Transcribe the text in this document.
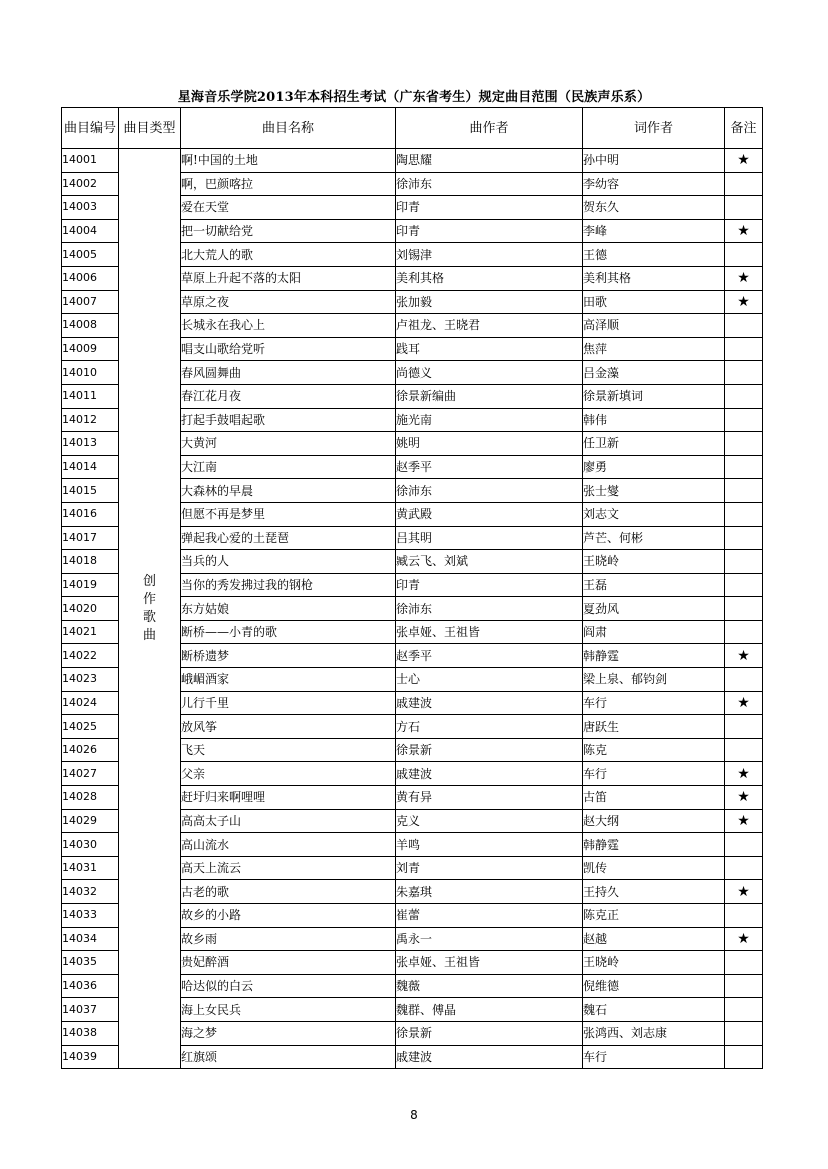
星海音乐学院2013年本科招生考试（广东省考生）规定曲目范围（民族声乐系）
曲目编号	曲目类型	曲目名称	曲作者	词作者	备注
14001	创作歌曲	啊!中国的土地	陶思耀	孙中明	★
14002		啊，巴颜喀拉	徐沛东	李幼容	
14003		爱在天堂	印青	贺东久	
14004		把一切献给党	印青	李峰	★
14005		北大荒人的歌	刘锡津	王德	
14006		草原上升起不落的太阳	美利其格	美利其格	★
14007		草原之夜	张加毅	田歌	★
14008		长城永在我心上	卢祖龙、王晓君	高泽顺	
14009		唱支山歌给党听	践耳	焦萍	
14010		春风圆舞曲	尚德义	吕金藻	
14011		春江花月夜	徐景新编曲	徐景新填词	
14012		打起手鼓唱起歌	施光南	韩伟	
14013		大黄河	姚明	任卫新	
14014		大江南	赵季平	廖勇	
14015		大森林的早晨	徐沛东	张士燮	
14016		但愿不再是梦里	黄武殿	刘志文	
14017		弹起我心爱的土琵琶	吕其明	芦芒、何彬	
14018		当兵的人	臧云飞、刘斌	王晓岭	
14019		当你的秀发拂过我的钢枪	印青	王磊	
14020		东方姑娘	徐沛东	夏劲风	
14021		断桥——小青的歌	张卓娅、王祖皆	阎肃	
14022		断桥遗梦	赵季平	韩静霆	★
14023		峨嵋酒家	士心	梁上泉、郁钧剑	
14024		儿行千里	戚建波	车行	★
14025		放风筝	方石	唐跃生	
14026		飞天	徐景新	陈克	
14027		父亲	戚建波	车行	★
14028		赶圩归来啊哩哩	黄有异	古笛	★
14029		高高太子山	克义	赵大纲	★
14030		高山流水	羊鸣	韩静霆	
14031		高天上流云	刘青	凯传	
14032		古老的歌	朱嘉琪	王持久	★
14033		故乡的小路	崔蕾	陈克正	
14034		故乡雨	禹永一	赵越	★
14035		贵妃醉酒	张卓娅、王祖皆	王晓岭	
14036		哈达似的白云	魏薇	倪维德	
14037		海上女民兵	魏群、傅晶	魏石	
14038		海之梦	徐景新	张鸿西、刘志康	
14039		红旗颂	戚建波	车行	
8
